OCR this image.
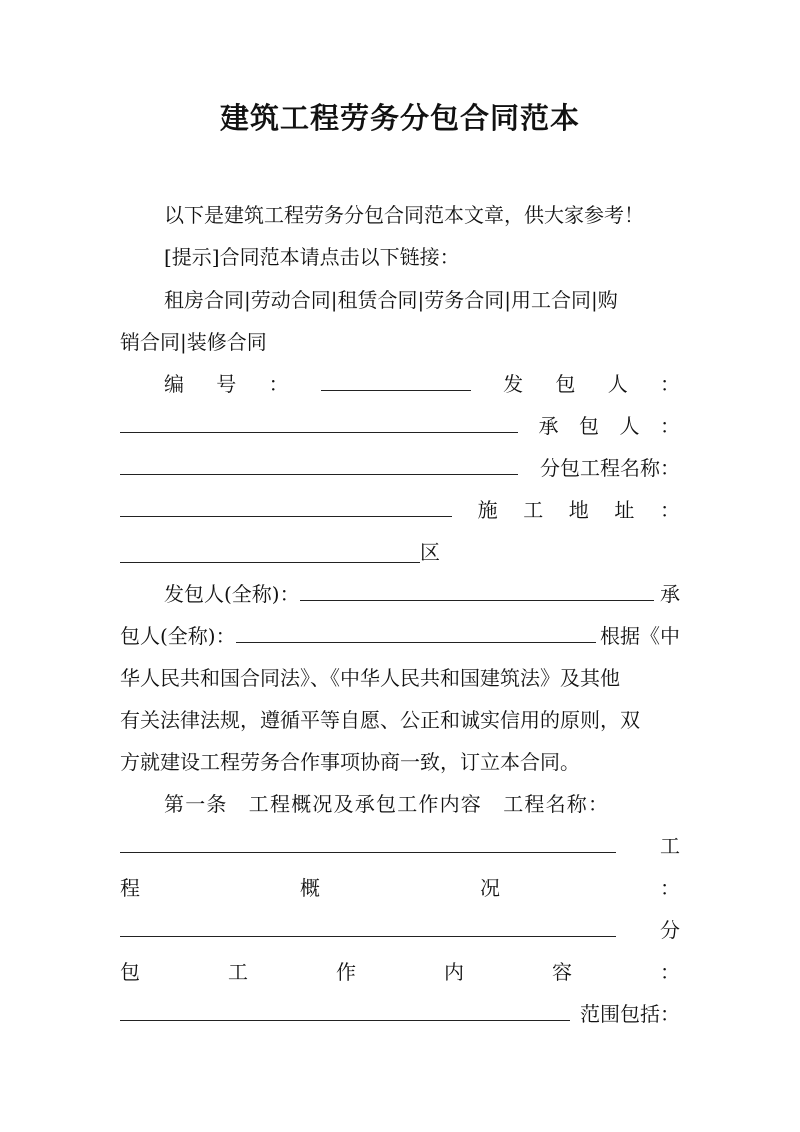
建筑工程劳务分包合同范本
以下是建筑工程劳务分包合同范本文章，供大家参考！
[提示]合同范本请点击以下链接：
租房合同|劳动合同|租赁合同|劳务合同|用工合同|购
销合同|装修合同
编 号 ：	发 包 人 ：
承 包 人 ：
分包工程名称：
施 工 地 址 ：
区
发包人(全称)：	承
包人(全称)：	根据《中
华人民共和国合同法》、《中华人民共和国建筑法》及其他
有关法律法规，遵循平等自愿、公正和诚实信用的原则，双
方就建设工程劳务合作事项协商一致，订立本合同。
第一条　工程概况及承包工作内容　工程名称：
工
程	概	况	：
分
包	工	作	内	容	：
范围包括：
